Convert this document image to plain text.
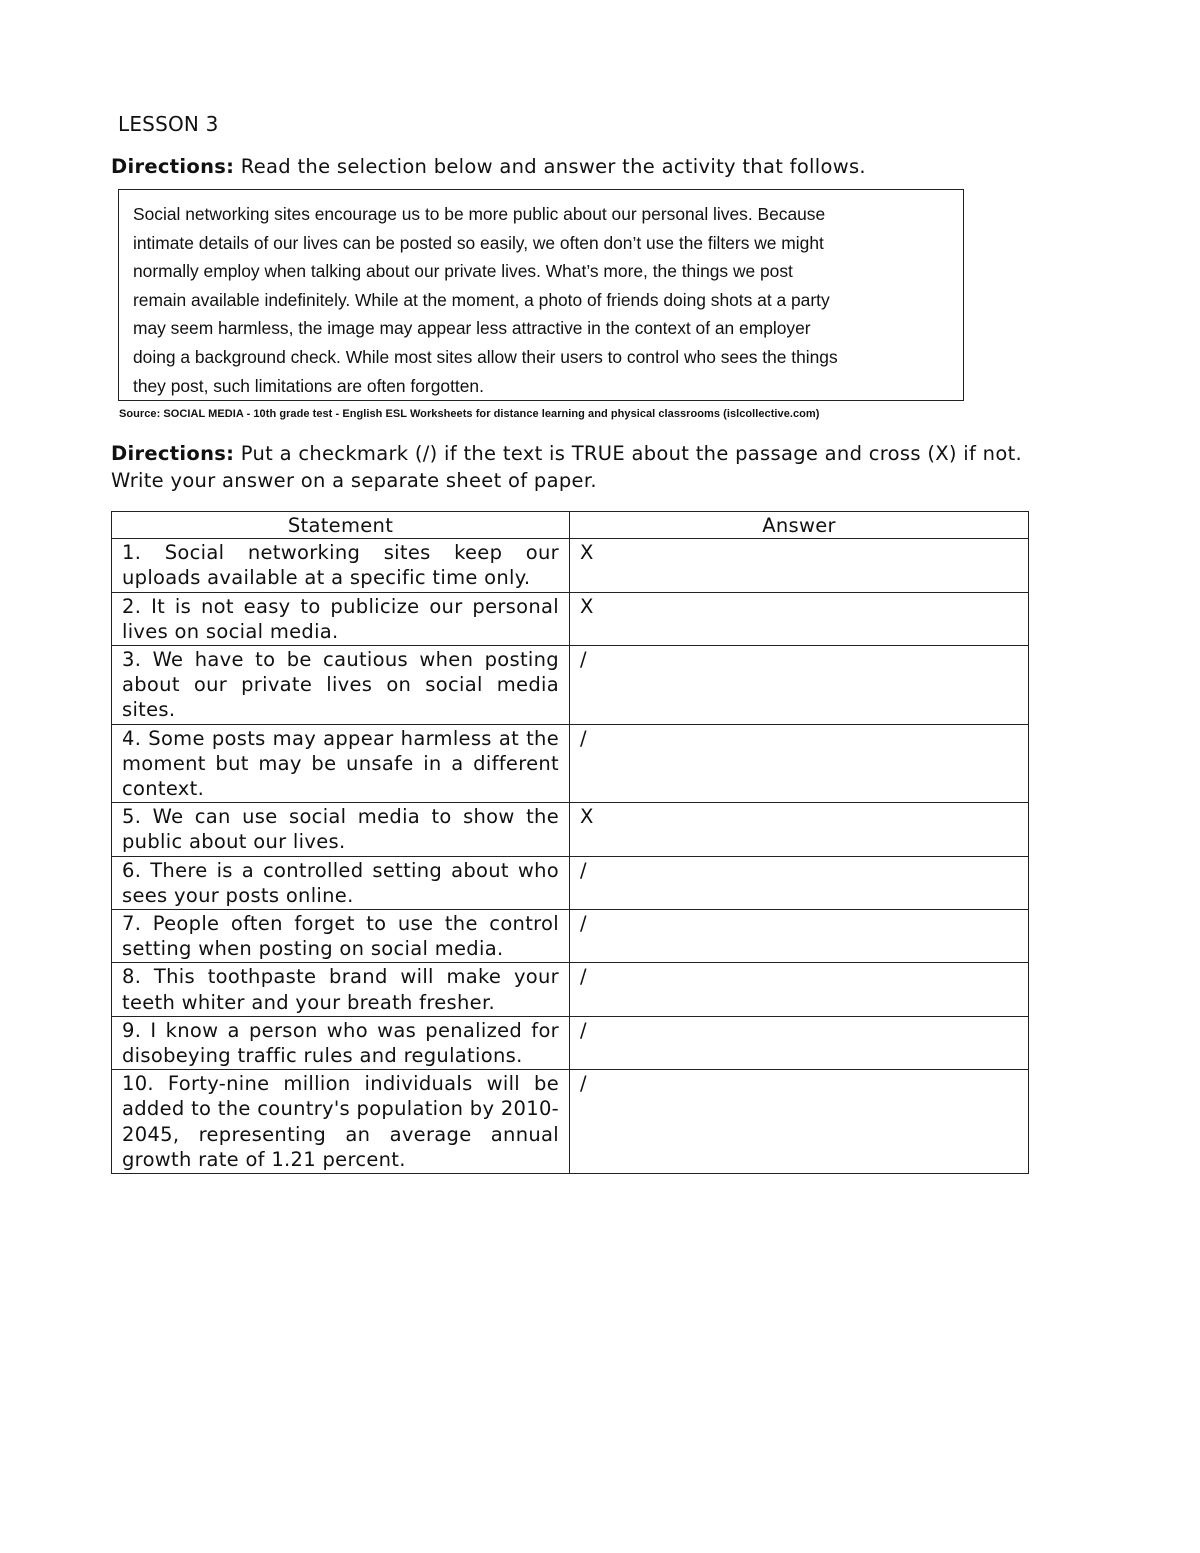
LESSON 3
Directions: Read the selection below and answer the activity that follows.
Social networking sites encourage us to be more public about our personal lives. Because
intimate details of our lives can be posted so easily, we often don’t use the filters we might
normally employ when talking about our private lives. What’s more, the things we post
remain available indefinitely. While at the moment, a photo of friends doing shots at a party
may seem harmless, the image may appear less attractive in the context of an employer
doing a background check. While most sites allow their users to control who sees the things
they post, such limitations are often forgotten.
Source: SOCIAL MEDIA - 10th grade test - English ESL Worksheets for distance learning and physical classrooms (islcollective.com)
Directions: Put a checkmark (/) if the text is TRUE about the passage and cross (X) if not. Write your answer on a separate sheet of paper.
Statement	Answer
1. Social networking sites keep our uploads available at a specific time only.	X
2. It is not easy to publicize our personal lives on social media.	X
3. We have to be cautious when posting about our private lives on social media sites.	/
4. Some posts may appear harmless at the moment but may be unsafe in a different context.	/
5. We can use social media to show the public about our lives.	X
6. There is a controlled setting about who sees your posts online.	/
7. People often forget to use the control setting when posting on social media.	/
8. This toothpaste brand will make your teeth whiter and your breath fresher.	/
9. I know a person who was penalized for disobeying traffic rules and regulations.	/
10. Forty-nine million individuals will be added to the country's population by 2010-2045, representing an average annual growth rate of 1.21 percent.	/
